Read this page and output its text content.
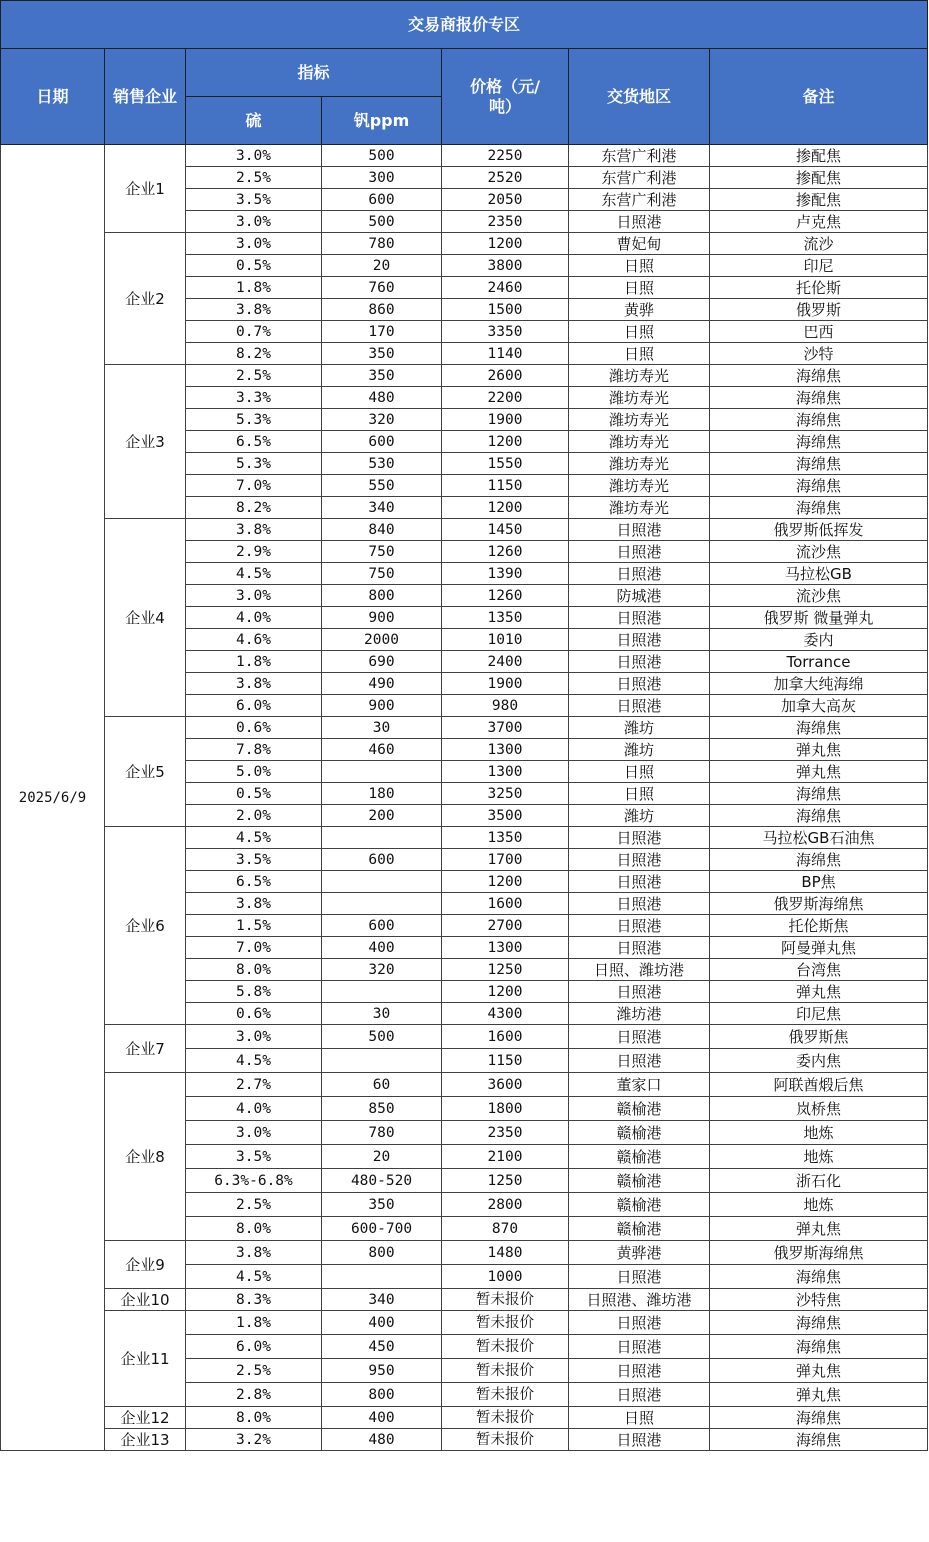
交易商报价专区						
日期	销售企业	指标		价格（元/吨）	交货地区	备注
		硫	钒ppm			
2025/6/9	企业1	3.0%	500	2250	东营广利港	掺配焦
		2.5%	300	2520	东营广利港	掺配焦
		3.5%	600	2050	东营广利港	掺配焦
		3.0%	500	2350	日照港	卢克焦
	企业2	3.0%	780	1200	曹妃甸	流沙
		0.5%	20	3800	日照	印尼
		1.8%	760	2460	日照	托伦斯
		3.8%	860	1500	黄骅	俄罗斯
		0.7%	170	3350	日照	巴西
		8.2%	350	1140	日照	沙特
	企业3	2.5%	350	2600	潍坊寿光	海绵焦
		3.3%	480	2200	潍坊寿光	海绵焦
		5.3%	320	1900	潍坊寿光	海绵焦
		6.5%	600	1200	潍坊寿光	海绵焦
		5.3%	530	1550	潍坊寿光	海绵焦
		7.0%	550	1150	潍坊寿光	海绵焦
		8.2%	340	1200	潍坊寿光	海绵焦
	企业4	3.8%	840	1450	日照港	俄罗斯低挥发
		2.9%	750	1260	日照港	流沙焦
		4.5%	750	1390	日照港	马拉松GB
		3.0%	800	1260	防城港	流沙焦
		4.0%	900	1350	日照港	俄罗斯 微量弹丸
		4.6%	2000	1010	日照港	委内
		1.8%	690	2400	日照港	Torrance
		3.8%	490	1900	日照港	加拿大纯海绵
		6.0%	900	980	日照港	加拿大高灰
	企业5	0.6%	30	3700	潍坊	海绵焦
		7.8%	460	1300	潍坊	弹丸焦
		5.0%		1300	日照	弹丸焦
		0.5%	180	3250	日照	海绵焦
		2.0%	200	3500	潍坊	海绵焦
	企业6	4.5%		1350	日照港	马拉松GB石油焦
		3.5%	600	1700	日照港	海绵焦
		6.5%		1200	日照港	BP焦
		3.8%		1600	日照港	俄罗斯海绵焦
		1.5%	600	2700	日照港	托伦斯焦
		7.0%	400	1300	日照港	阿曼弹丸焦
		8.0%	320	1250	日照、潍坊港	台湾焦
		5.8%		1200	日照港	弹丸焦
		0.6%	30	4300	潍坊港	印尼焦
	企业7	3.0%	500	1600	日照港	俄罗斯焦
		4.5%		1150	日照港	委内焦
	企业8	2.7%	60	3600	董家口	阿联酋煅后焦
		4.0%	850	1800	赣榆港	岚桥焦
		3.0%	780	2350	赣榆港	地炼
		3.5%	20	2100	赣榆港	地炼
		6.3%-6.8%	480-520	1250	赣榆港	浙石化
		2.5%	350	2800	赣榆港	地炼
		8.0%	600-700	870	赣榆港	弹丸焦
	企业9	3.8%	800	1480	黄骅港	俄罗斯海绵焦
		4.5%		1000	日照港	海绵焦
	企业10	8.3%	340	暂未报价	日照港、潍坊港	沙特焦
	企业11	1.8%	400	暂未报价	日照港	海绵焦
		6.0%	450	暂未报价	日照港	海绵焦
		2.5%	950	暂未报价	日照港	弹丸焦
		2.8%	800	暂未报价	日照港	弹丸焦
	企业12	8.0%	400	暂未报价	日照	海绵焦
	企业13	3.2%	480	暂未报价	日照港	海绵焦
